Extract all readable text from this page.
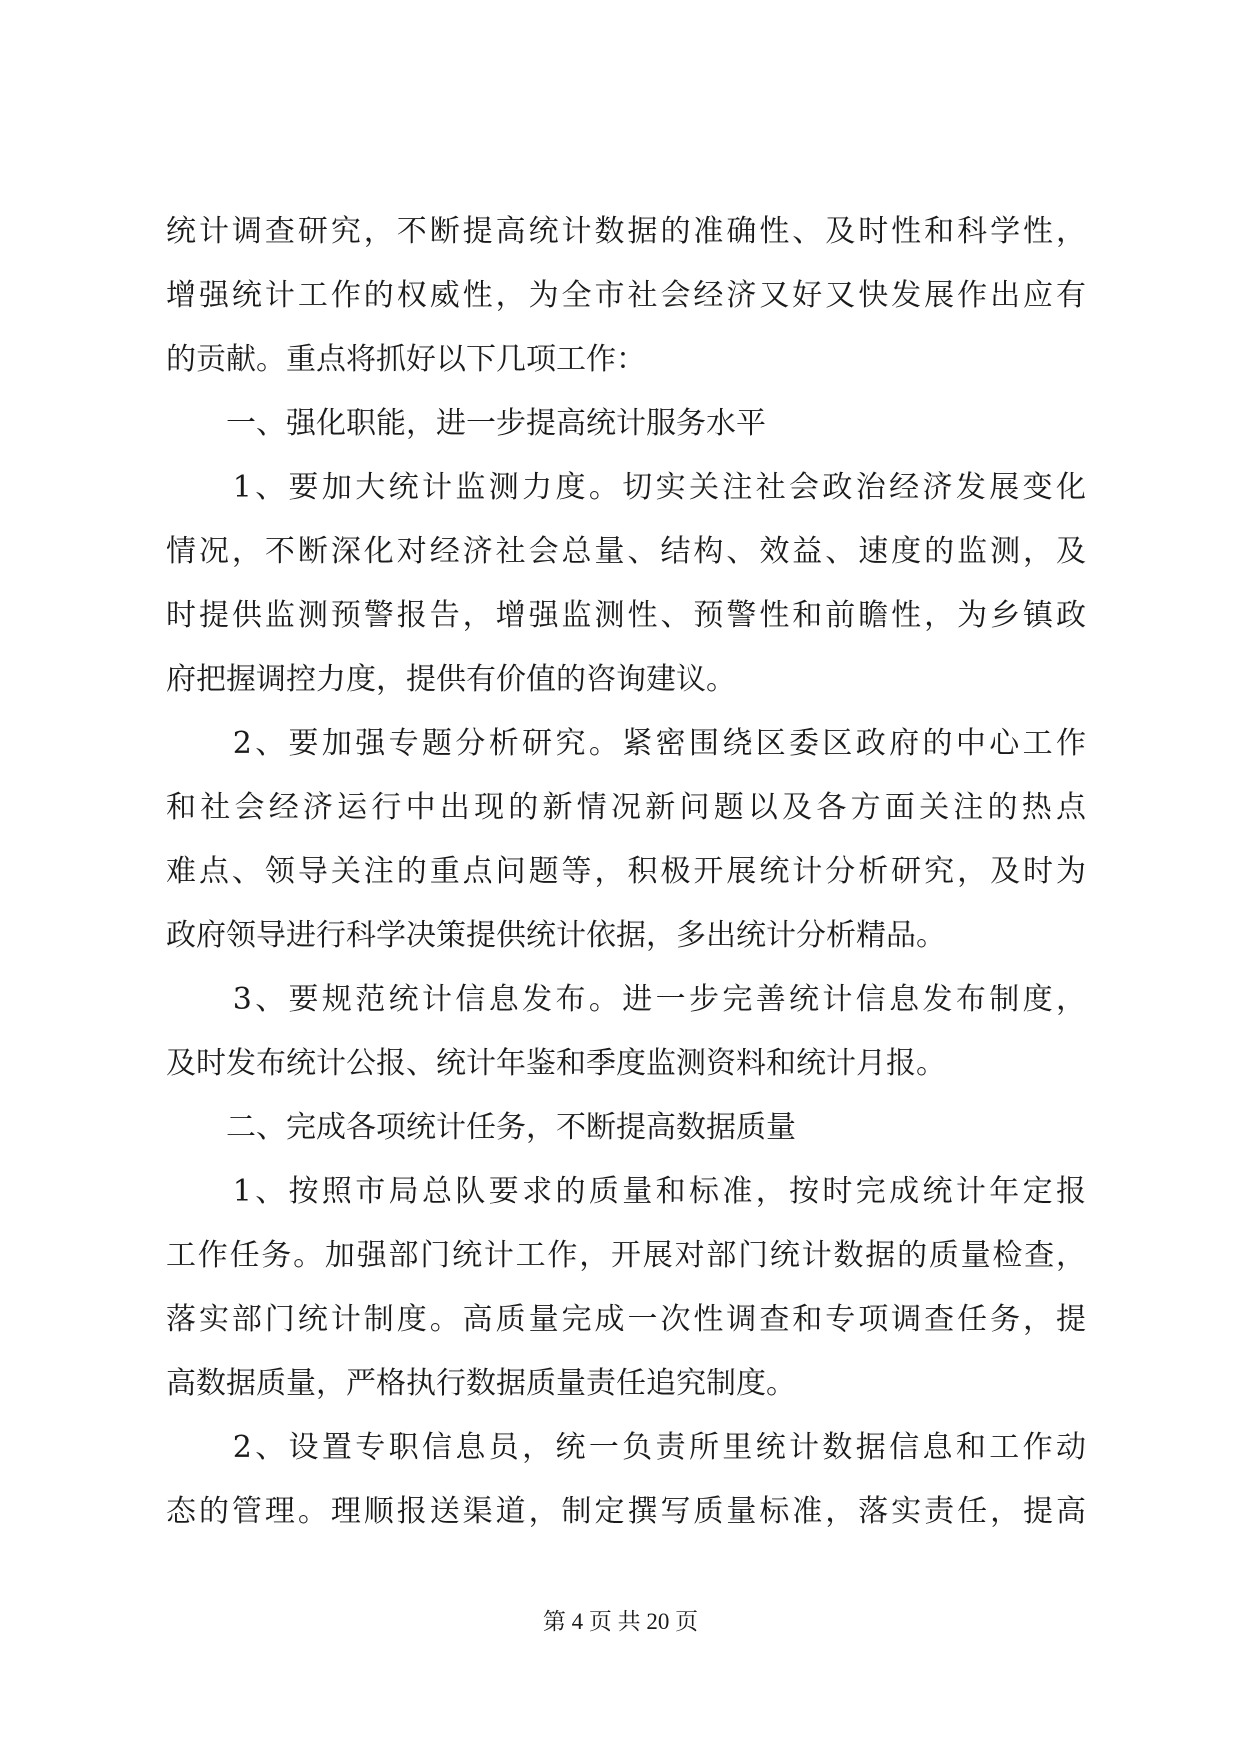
统计调查研究，不断提高统计数据的准确性、及时性和科学性，
增强统计工作的权威性，为全市社会经济又好又快发展作出应有
的贡献。重点将抓好以下几项工作：
　　一、强化职能，进一步提高统计服务水平
　　1、要加大统计监测力度。切实关注社会政治经济发展变化
情况，不断深化对经济社会总量、结构、效益、速度的监测，及
时提供监测预警报告，增强监测性、预警性和前瞻性，为乡镇政
府把握调控力度，提供有价值的咨询建议。
　　2、要加强专题分析研究。紧密围绕区委区政府的中心工作
和社会经济运行中出现的新情况新问题以及各方面关注的热点
难点、领导关注的重点问题等，积极开展统计分析研究，及时为
政府领导进行科学决策提供统计依据，多出统计分析精品。
　　3、要规范统计信息发布。进一步完善统计信息发布制度，
及时发布统计公报、统计年鉴和季度监测资料和统计月报。
　　二、完成各项统计任务，不断提高数据质量
　　1、按照市局总队要求的质量和标准，按时完成统计年定报
工作任务。加强部门统计工作，开展对部门统计数据的质量检查，
落实部门统计制度。高质量完成一次性调查和专项调查任务，提
高数据质量，严格执行数据质量责任追究制度。
　　2、设置专职信息员，统一负责所里统计数据信息和工作动
态的管理。理顺报送渠道，制定撰写质量标准，落实责任，提高
第 4 页 共 20 页
